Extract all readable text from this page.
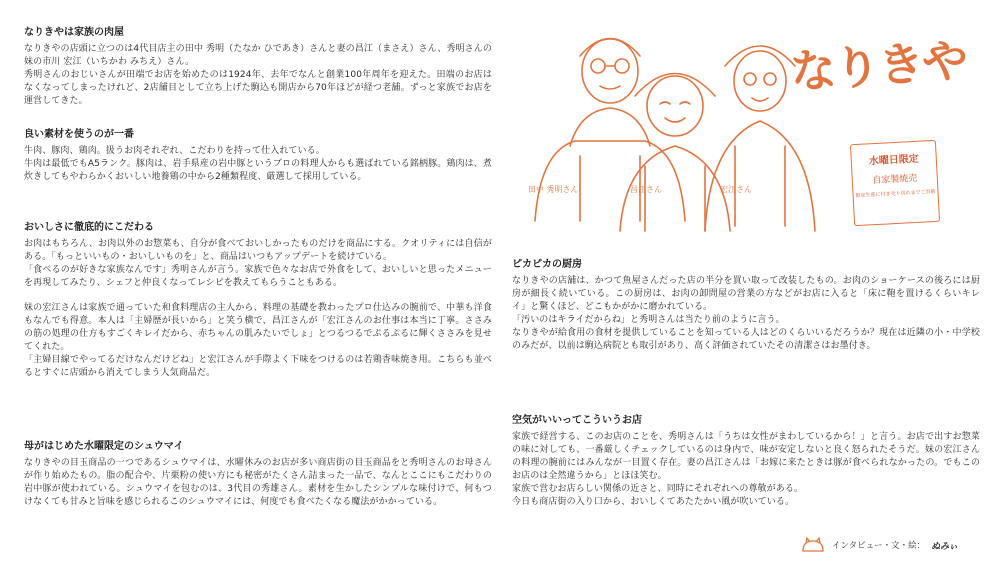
なりきやは家族の肉屋

なりきやの店頭に立つのは4代目店主の田中 秀明（たなか ひであき）さんと妻の昌江（まさえ）さん、秀明さんの妹の市川 宏江（いちかわ みちえ）さん。

秀明さんのおじいさんが田端でお店を始めたのは1924年、去年でなんと創業100年周年を迎えた。田端のお店はなくなってしまったけれど、2店舗目として立ち上げた駒込も開店から70年ほどが経つ老舗。ずっと家族でお店を運営してきた。

良い素材を使うのが一番

牛肉、豚肉、鶏肉。扱うお肉それぞれ、こだわりを持って仕入れている。

牛肉は最低でもA5ランク。豚肉は、岩手県産の岩中豚というブロの料理人からも選ばれている銘柄豚。鶏肉は、煮炊きしてもやわらかくおいしい地養鶏の中から2種類程度、厳選して採用している。

おいしさに徹底的にこだわる

お肉はもちろん、お肉以外のお惣菜も、自分が食べておいしかったものだけを商品にする。クオリティには自信がある。「もっといいもの・おいしいものを」と、商品はいつもアップデートを続けている。

「食べるのが好きな家族なんです」秀明さんが言う。家族で色々なお店で外食をして、おいしいと思ったメニューを再現してみたり、シェフと仲良くなってレシピを教えてもらうこともある。

妹の宏江さんは家族で通っていた和食料理店の主人から、料理の基礎を教わったプロ仕込みの腕前で、中華も洋食もなんでも得意。本人は「主婦歴が長いから」と笑う横で、昌江さんが「宏江さんのお仕事は本当に丁寧。ささみの筋の処理の仕方もすごくキレイだから、赤ちゃんの肌みたいでしょ」とつるつるでぷるぷるに輝くささみを見せてくれた。

「主婦目線でやってるだけなんだけどね」と宏江さんが手際よく下味をつけるのは若鶏香味焼き用。こちらも並べるとすぐに店頭から消えてしまう人気商品だ。

母がはじめた水曜限定のシュウマイ

なりきやの目玉商品の一つであるシュウマイは、水曜休みのお店が多い商店街の目玉商品をと秀明さんのお母さんが作り始めたもの。脂の配合や、片栗粉の使い方にも秘密がたくさん詰まった一品で、なんとここにもこだわりの岩中豚が使われている。シュウマイを包むのは、3代目の秀雄さん。素材を生かしたシンプルな味付けで、何もつけなくても甘みと旨味を感じられるこのシュウマイには、何度でも食べたくなる魔法がかかっている。

なりきや
田中 秀明さん	昌江さん	宏江さん
水曜日限定
自家製焼売
限定生産に付き売り切れまでご容赦
ピカピカの厨房

なりきやの店舗は、かつて魚屋さんだった店の半分を買い取って改装したもの。お肉のショーケースの後ろには厨房が細長く続いている。この厨房は、お肉の卸問屋の営業の方などがお店に入ると「床に鞄を置けるくらいキレイ」と驚くほど、どこもかがかに磨かれている。

「汚いのはキライだからね」と秀明さんは当たり前のように言う。

なりきやが給食用の食材を提供していることを知っている人はどのくらいいるだろうか？現在は近隣の小・中学校のみだが、以前は駒込病院とも取引があり、高く評価されていたその清潔さはお墨付き。

空気がいいってこういうお店

家族で経営する、このお店のことを、秀明さんは「うちは女性がまわしているから！」と言う。お店で出すお惣菜の味に対しても、一番厳しくチェックしているのは身内で、味が安定しないと良く怒られたそうだ。妹の宏江さんの料理の腕前にはみんなが一目置く存在。妻の昌江さんは「お嫁に来たときは豚が食べられなかったの。でもこのお店のは全然違うから」とほほ笑む。

家族で営むお店らしい関係の近さと、同時にそれぞれへの尊敬がある。

今日も商店街の入り口から、おいしくてあたたかい風が吹いている。

インタビュー・文・絵： ぬみぃ
